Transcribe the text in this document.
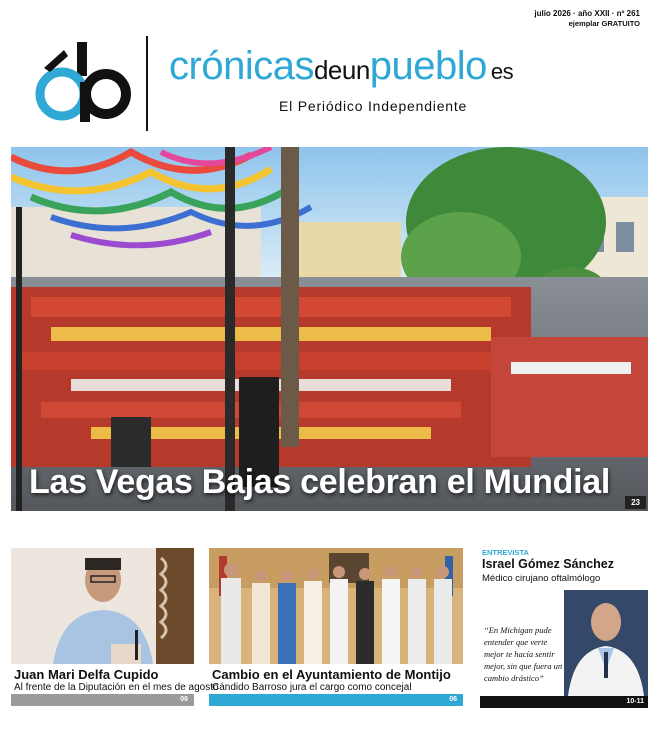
julio 2026 · año XXII · nº 261
ejemplar GRATUITO
crónicasdeunpueblo es
El Periódico Independiente
Las Vegas Bajas celebran el Mundial
23
Juan Mari Delfa Cupido
Al frente de la Diputación en el mes de agosto
06
Cambio en el Ayuntamiento de Montijo
Cándido Barroso jura el cargo como concejal
06
ENTREVISTA
Israel Gómez Sánchez
Médico cirujano oftalmólogo
“En Michigan pude entender que verte mejor te hacía sentir mejor, sin que fuera un cambio drástico”
10-11
